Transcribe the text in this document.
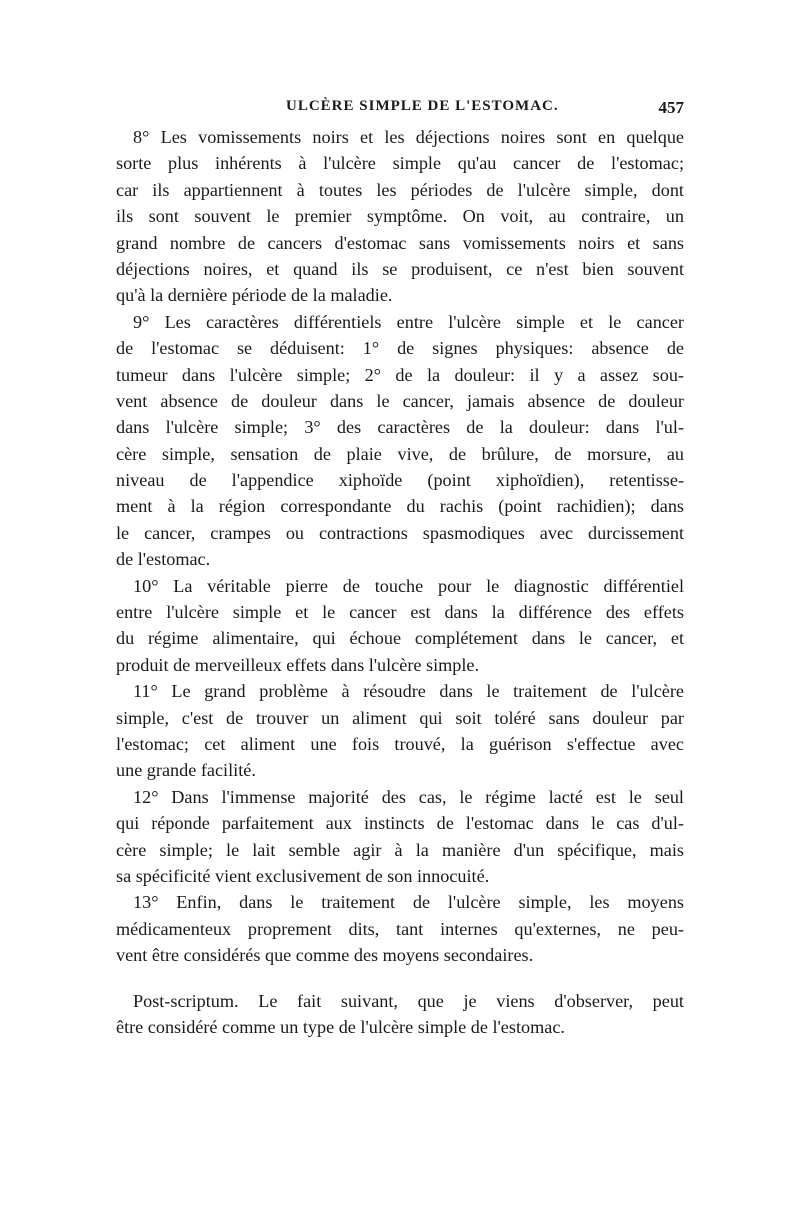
ULCÈRE SIMPLE DE L'ESTOMAC.	457
8° Les vomissements noirs et les déjections noires sont en quelque
sorte plus inhérents à l'ulcère simple qu'au cancer de l'estomac;
car ils appartiennent à toutes les périodes de l'ulcère simple, dont
ils sont souvent le premier symptôme. On voit, au contraire, un
grand nombre de cancers d'estomac sans vomissements noirs et sans
déjections noires, et quand ils se produisent, ce n'est bien souvent
qu'à la dernière période de la maladie.
9° Les caractères différentiels entre l'ulcère simple et le cancer
de l'estomac se déduisent: 1° de signes physiques: absence de
tumeur dans l'ulcère simple; 2° de la douleur: il y a assez sou-
vent absence de douleur dans le cancer, jamais absence de douleur
dans l'ulcère simple; 3° des caractères de la douleur: dans l'ul-
cère simple, sensation de plaie vive, de brûlure, de morsure, au
niveau de l'appendice xiphoïde (point xiphoïdien), retentisse-
ment à la région correspondante du rachis (point rachidien); dans
le cancer, crampes ou contractions spasmodiques avec durcissement
de l'estomac.
10° La véritable pierre de touche pour le diagnostic différentiel
entre l'ulcère simple et le cancer est dans la différence des effets
du régime alimentaire, qui échoue complétement dans le cancer, et
produit de merveilleux effets dans l'ulcère simple.
11° Le grand problème à résoudre dans le traitement de l'ulcère
simple, c'est de trouver un aliment qui soit toléré sans douleur par
l'estomac; cet aliment une fois trouvé, la guérison s'effectue avec
une grande facilité.
12° Dans l'immense majorité des cas, le régime lacté est le seul
qui réponde parfaitement aux instincts de l'estomac dans le cas d'ul-
cère simple; le lait semble agir à la manière d'un spécifique, mais
sa spécificité vient exclusivement de son innocuité.
13° Enfin, dans le traitement de l'ulcère simple, les moyens
médicamenteux proprement dits, tant internes qu'externes, ne peu-
vent être considérés que comme des moyens secondaires.
Post-scriptum. Le fait suivant, que je viens d'observer, peut
être considéré comme un type de l'ulcère simple de l'estomac.
